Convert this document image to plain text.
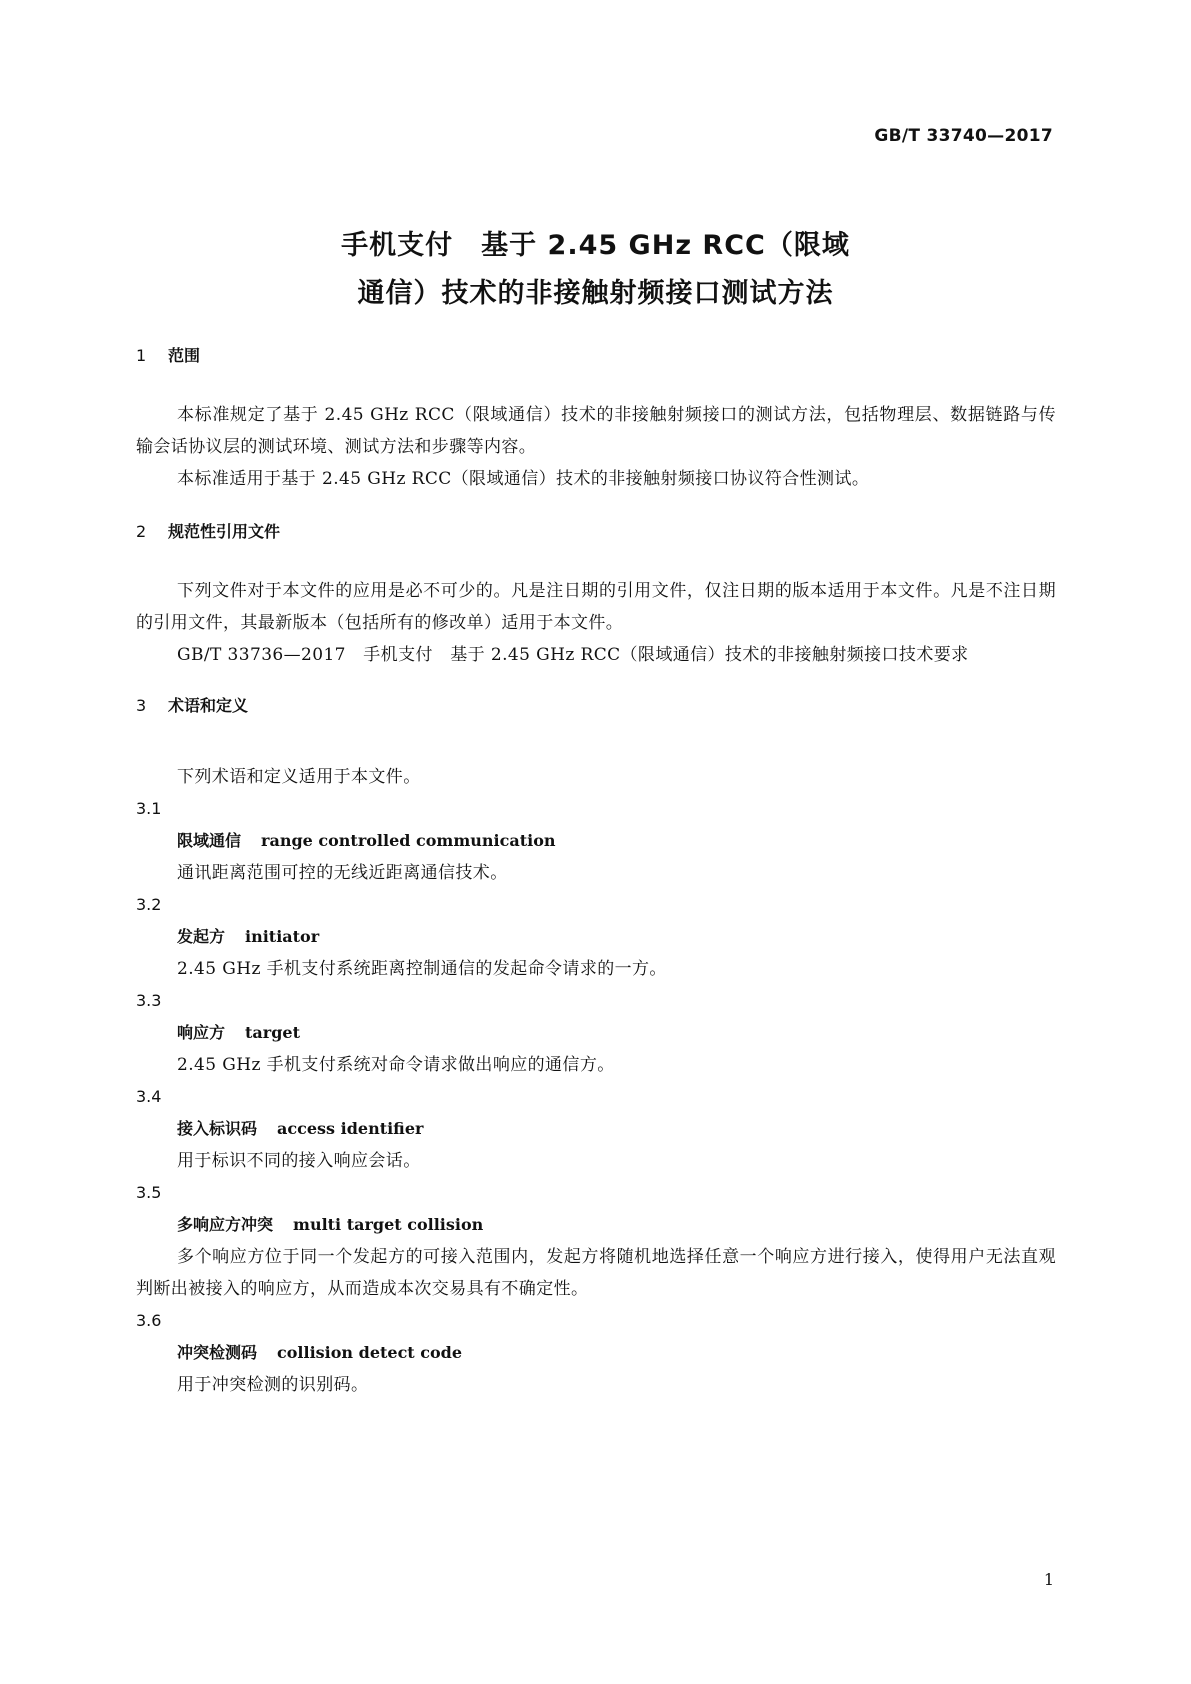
GB/T 33740—2017
手机支付　基于 2.45 GHz RCC（限域
通信）技术的非接触射频接口测试方法
1 范围
本标准规定了基于 2.45 GHz RCC（限域通信）技术的非接触射频接口的测试方法，包括物理层、数据链路与传输会话协议层的测试环境、测试方法和步骤等内容。
本标准适用于基于 2.45 GHz RCC（限域通信）技术的非接触射频接口协议符合性测试。
2 规范性引用文件
下列文件对于本文件的应用是必不可少的。凡是注日期的引用文件，仅注日期的版本适用于本文件。凡是不注日期的引用文件，其最新版本（包括所有的修改单）适用于本文件。
GB/T 33736—2017　手机支付　基于 2.45 GHz RCC（限域通信）技术的非接触射频接口技术要求
3 术语和定义
下列术语和定义适用于本文件。
3.1
限域通信 range controlled communication
通讯距离范围可控的无线近距离通信技术。
3.2
发起方 initiator
2.45 GHz 手机支付系统距离控制通信的发起命令请求的一方。
3.3
响应方 target
2.45 GHz 手机支付系统对命令请求做出响应的通信方。
3.4
接入标识码 access identifier
用于标识不同的接入响应会话。
3.5
多响应方冲突 multi target collision
多个响应方位于同一个发起方的可接入范围内，发起方将随机地选择任意一个响应方进行接入，使得用户无法直观判断出被接入的响应方，从而造成本次交易具有不确定性。
3.6
冲突检测码 collision detect code
用于冲突检测的识别码。
1
